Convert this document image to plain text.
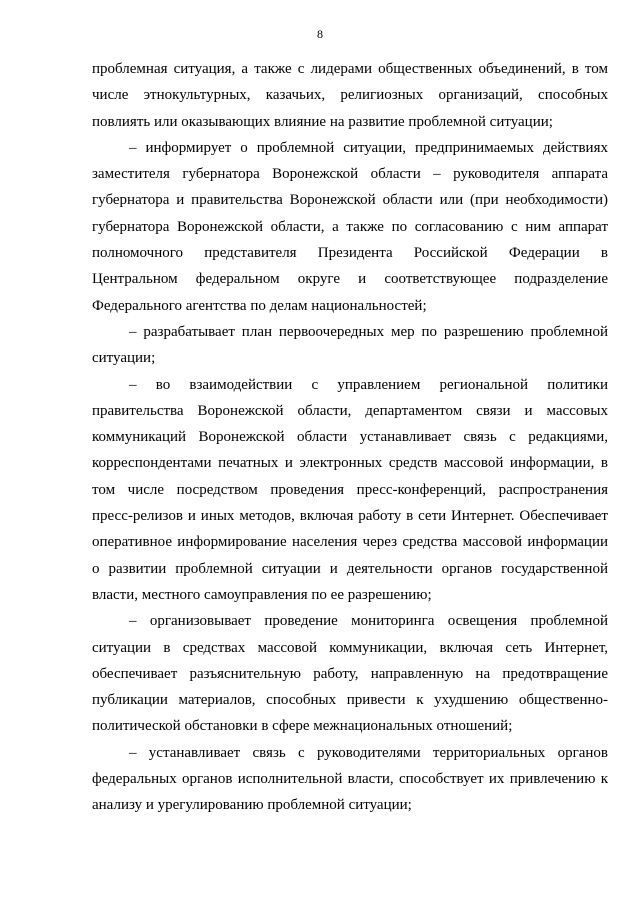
8

проблемная ситуация, а также с лидерами общественных объединений, в том числе этнокультурных, казачьих, религиозных организаций, способных повлиять или оказывающих влияние на развитие проблемной ситуации;

– информирует о проблемной ситуации, предпринимаемых действиях заместителя губернатора Воронежской области – руководителя аппарата губернатора и правительства Воронежской области или (при необходимости) губернатора Воронежской области, а также по согласованию с ним аппарат полномочного представителя Президента Российской Федерации в Центральном федеральном округе и соответствующее подразделение Федерального агентства по делам национальностей;

– разрабатывает план первоочередных мер по разрешению проблемной ситуации;

– во взаимодействии с управлением региональной политики правительства Воронежской области, департаментом связи и массовых коммуникаций Воронежской области устанавливает связь с редакциями, корреспондентами печатных и электронных средств массовой информации, в том числе посредством проведения пресс-конференций, распространения пресс-релизов и иных методов, включая работу в сети Интернет. Обеспечивает оперативное информирование населения через средства массовой информации о развитии проблемной ситуации и деятельности органов государственной власти, местного самоуправления по ее разрешению;

– организовывает проведение мониторинга освещения проблемной ситуации в средствах массовой коммуникации, включая сеть Интернет, обеспечивает разъяснительную работу, направленную на предотвращение публикации материалов, способных привести к ухудшению общественно-политической обстановки в сфере межнациональных отношений;

– устанавливает связь с руководителями территориальных органов федеральных органов исполнительной власти, способствует их привлечению к анализу и урегулированию проблемной ситуации;
